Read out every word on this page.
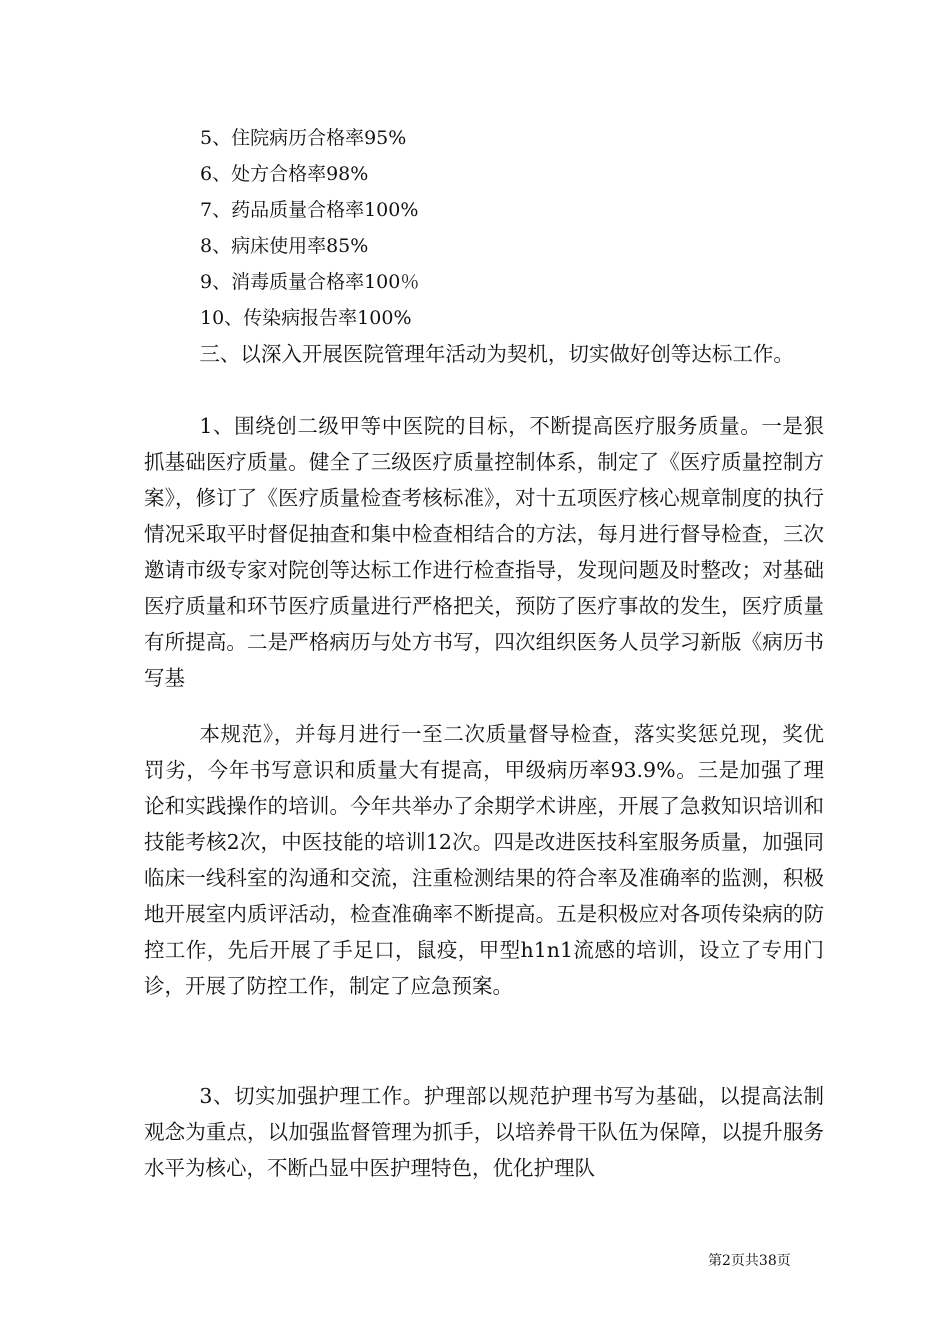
5、住院病历合格率95%
6、处方合格率98%
7、药品质量合格率100%
8、病床使用率85%
9、消毒质量合格率100％
10、传染病报告率100%
三、以深入开展医院管理年活动为契机，切实做好创等达标工作。
1、围绕创二级甲等中医院的目标，不断提高医疗服务质量。一是狠抓基础医疗质量。健全了三级医疗质量控制体系，制定了《医疗质量控制方案》，修订了《医疗质量检查考核标准》，对十五项医疗核心规章制度的执行情况采取平时督促抽查和集中检查相结合的方法，每月进行督导检查，三次邀请市级专家对院创等达标工作进行检查指导，发现问题及时整改；对基础医疗质量和环节医疗质量进行严格把关，预防了医疗事故的发生，医疗质量有所提高。二是严格病历与处方书写，四次组织医务人员学习新版《病历书写基
本规范》，并每月进行一至二次质量督导检查，落实奖惩兑现，奖优罚劣，今年书写意识和质量大有提高，甲级病历率93.9%。三是加强了理论和实践操作的培训。今年共举办了余期学术讲座，开展了急救知识培训和技能考核2次，中医技能的培训12次。四是改进医技科室服务质量，加强同临床一线科室的沟通和交流，注重检测结果的符合率及准确率的监测，积极地开展室内质评活动，检查准确率不断提高。五是积极应对各项传染病的防控工作，先后开展了手足口，鼠疫，甲型h1n1流感的培训，设立了专用门诊，开展了防控工作，制定了应急预案。
3、切实加强护理工作。护理部以规范护理书写为基础，以提高法制观念为重点，以加强监督管理为抓手，以培养骨干队伍为保障，以提升服务水平为核心，不断凸显中医护理特色，优化护理队
第2页共38页
